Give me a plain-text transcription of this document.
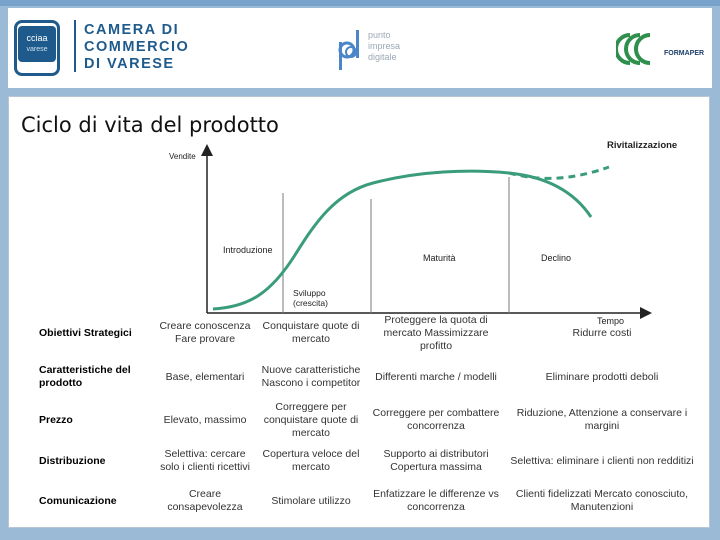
cciaa
varese
CAMERA DI
COMMERCIO
DI VARESE
punto
impresa
digitale	FORMAPER
Ciclo di vita del prodotto
Vendite
Tempo
Introduzione
Sviluppo
(crescita)
Maturità	Declino
Rivitalizzazione
Obiettivi Strategici	Creare conoscenza Fare provare	Conquistare quote di mercato	Proteggere la quota di mercato Massimizzare profitto	Ridurre costi
Caratteristiche del prodotto	Base, elementari	Nuove caratteristiche Nascono i competitor	Differenti marche / modelli	Eliminare prodotti deboli
Prezzo	Elevato, massimo	Correggere per conquistare quote di mercato	Correggere per combattere concorrenza	Riduzione, Attenzione a conservare i margini
Distribuzione	Selettiva: cercare solo i clienti ricettivi	Copertura veloce del mercato	Supporto ai distributori Copertura massima	Selettiva: eliminare i clienti non redditizi
Comunicazione	Creare consapevolezza	Stimolare utilizzo	Enfatizzare le differenze vs concorrenza	Clienti fidelizzati Mercato conosciuto, Manutenzioni
